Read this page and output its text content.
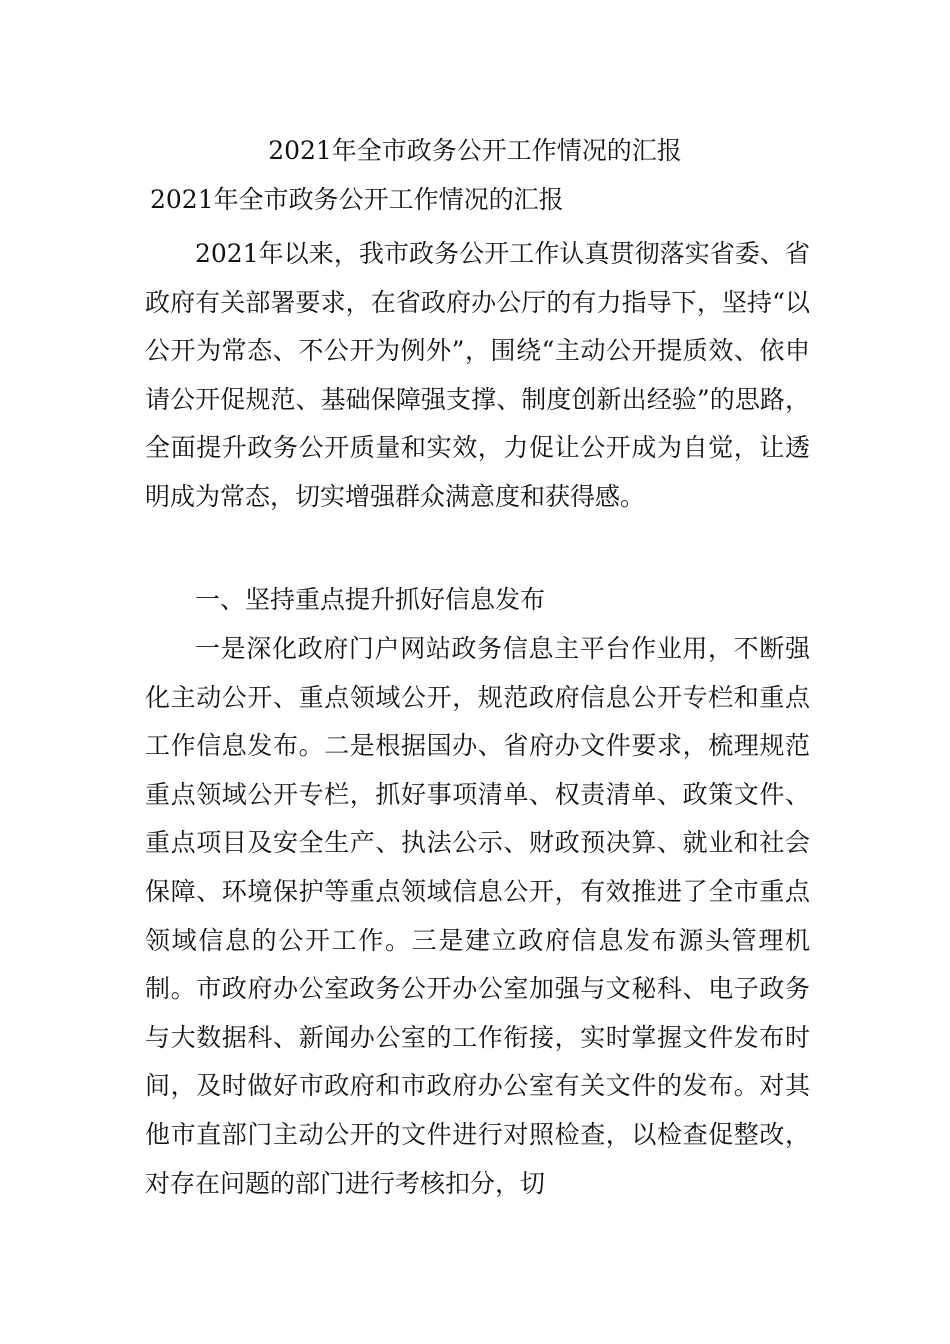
2021年全市政务公开工作情况的汇报
2021年全市政务公开工作情况的汇报

2021年以来，我市政务公开工作认真贯彻落实省委、省政府有关部署要求，在省政府办公厅的有力指导下，坚持“以公开为常态、不公开为例外”，围绕“主动公开提质效、依申请公开促规范、基础保障强支撑、制度创新出经验”的思路，全面提升政务公开质量和实效，力促让公开成为自觉，让透明成为常态，切实增强群众满意度和获得感。

一、坚持重点提升抓好信息发布

一是深化政府门户网站政务信息主平台作业用，不断强化主动公开、重点领域公开，规范政府信息公开专栏和重点工作信息发布。二是根据国办、省府办文件要求，梳理规范重点领域公开专栏，抓好事项清单、权责清单、政策文件、重点项目及安全生产、执法公示、财政预决算、就业和社会保障、环境保护等重点领域信息公开，有效推进了全市重点领域信息的公开工作。三是建立政府信息发布源头管理机制。市政府办公室政务公开办公室加强与文秘科、电子政务与大数据科、新闻办公室的工作衔接，实时掌握文件发布时间，及时做好市政府和市政府办公室有关文件的发布。对其他市直部门主动公开的文件进行对照检查，以检查促整改，对存在问题的部门进行考核扣分，切
